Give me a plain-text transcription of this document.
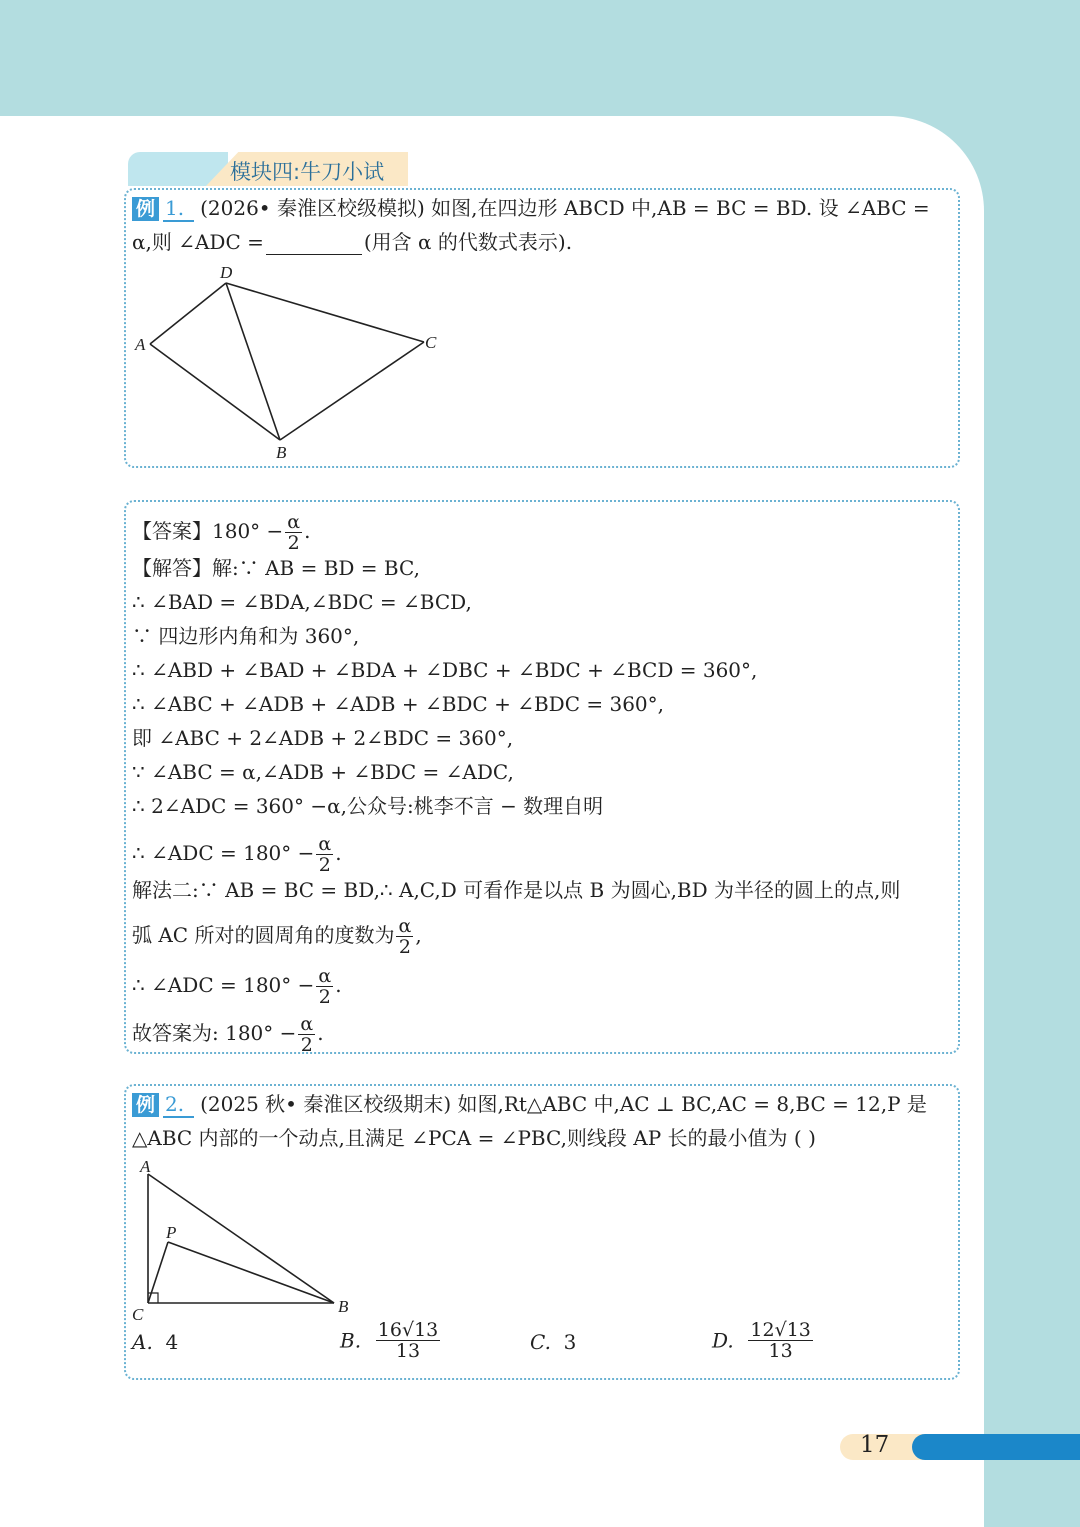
模块四:牛刀小试
例 1. (2026• 秦淮区校级模拟) 如图,在四边形 ABCD 中,AB = BC = BD. 设 ∠ABC =
α,则 ∠ADC =	(用含 α 的代数式表示).
A
D
C
B
【答案】$180^\circ - \frac{\alpha}{2}$ .
【解答】解:∵ AB = BD = BC,
∴ ∠BAD = ∠BDA,∠BDC = ∠BCD,
∵ 四边形内角和为 360°,
∴ ∠ABD + ∠BAD + ∠BDA + ∠DBC + ∠BDC + ∠BCD = 360°,
∴ ∠ABC + ∠ADB + ∠ADB + ∠BDC + ∠BDC = 360°,
即 ∠ABC + 2∠ADB + 2∠BDC = 360°,
∵ ∠ABC = α,∠ADB + ∠BDC = ∠ADC,
∴ 2∠ADC = 360° −α,公众号:桃李不言 − 数理自明
∴ ∠ADC = $180^\circ - \frac{\alpha}{2}$ .
解法二:∵ AB = BC = BD,∴ A,C,D 可看作是以点 B 为圆心,BD 为半径的圆上的点,则
弧 AC 所对的圆周角的度数为 $\frac{\alpha}{2}$ ,
∴ ∠ADC = $180^\circ - \frac{\alpha}{2}$ .
故答案为: $180^\circ - \frac{\alpha}{2}$ .
例 2. (2025 秋• 秦淮区校级期末) 如图,Rt△ABC 中,AC ⊥ BC,AC = 8,BC = 12,P 是
△ABC 内部的一个动点,且满足 ∠PCA = ∠PBC,则线段 AP 长的最小值为 ( )
A
P
C	B
A. 4	B. $\frac{16√13}{13}$	C. 3	D. $\frac{12√13}{13}$
17
